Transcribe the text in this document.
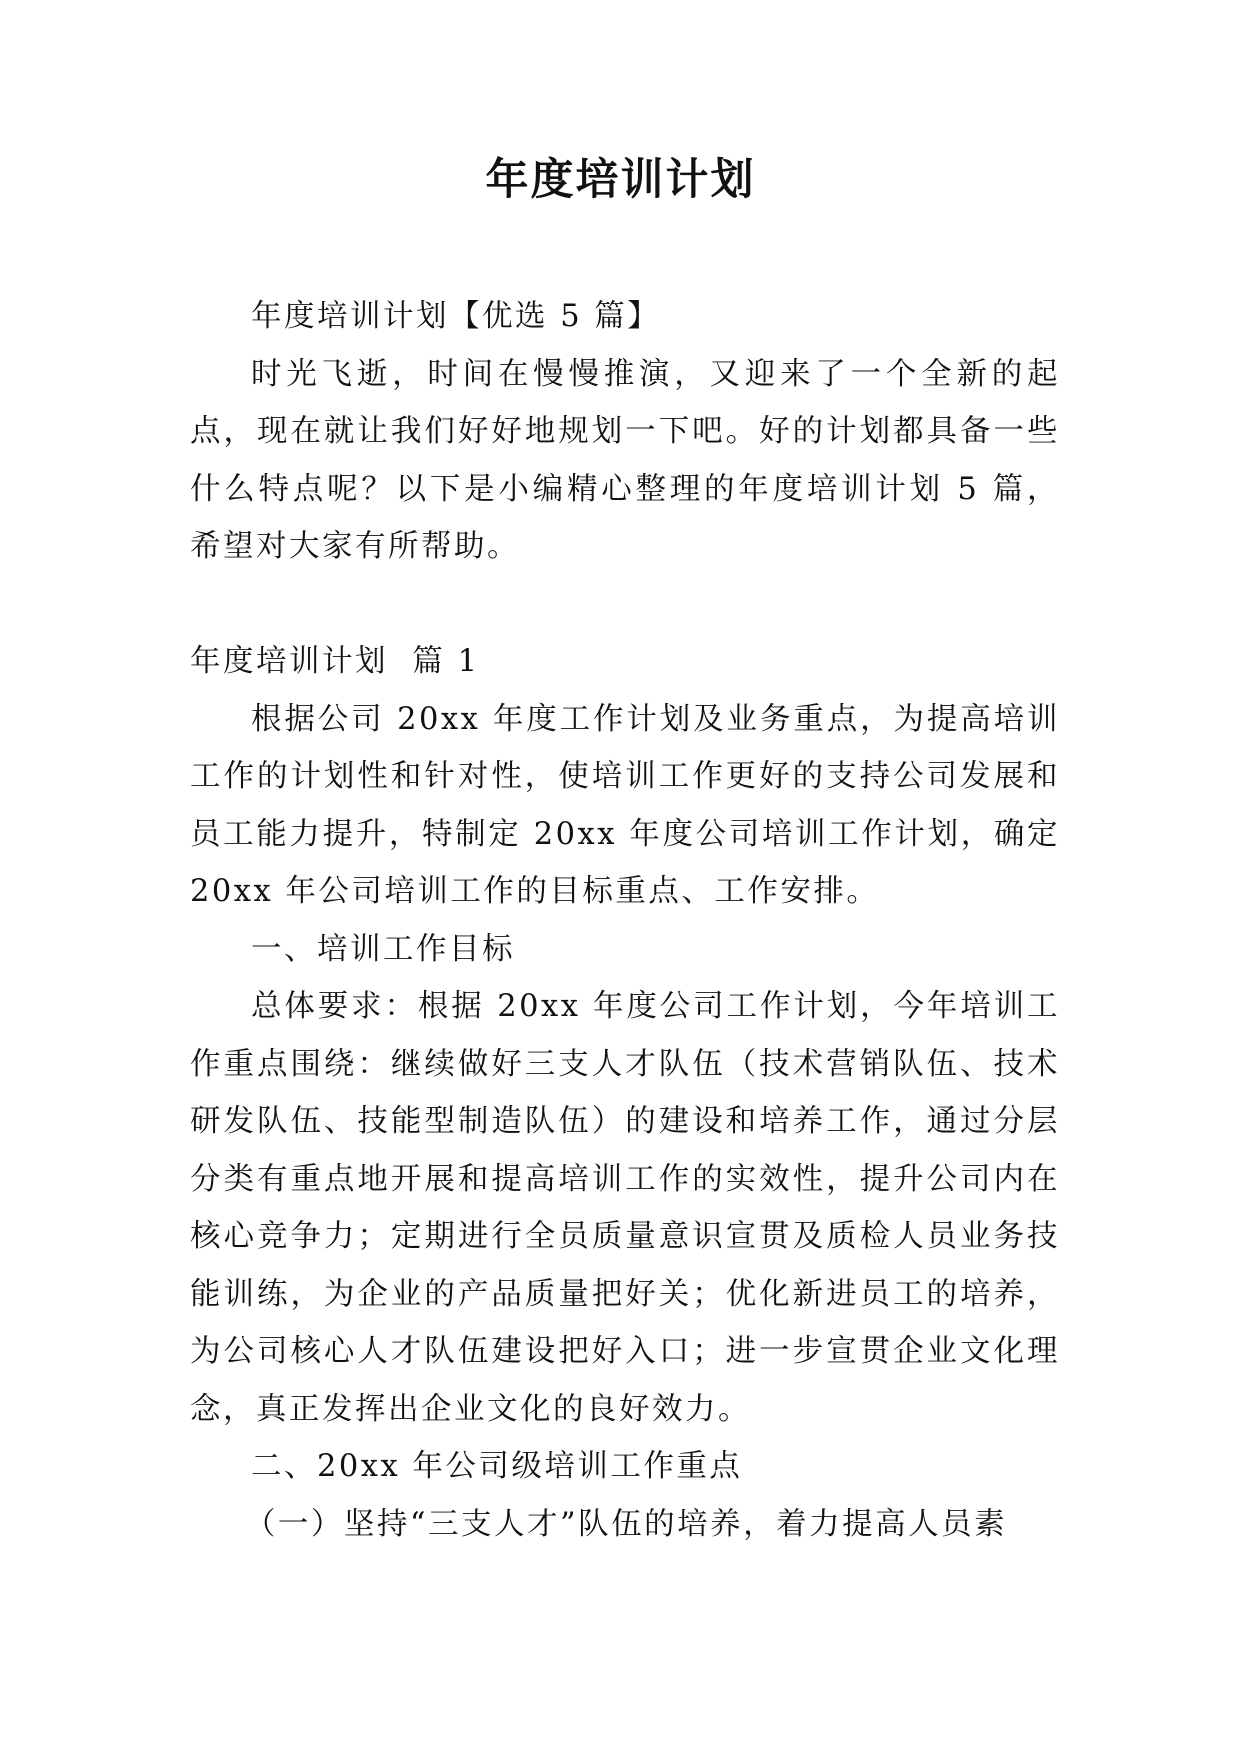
年度培训计划

年度培训计划【优选 5 篇】

时光飞逝，时间在慢慢推演，又迎来了一个全新的起点，现在就让我们好好地规划一下吧。好的计划都具备一些什么特点呢？以下是小编精心整理的年度培训计划 5 篇，希望对大家有所帮助。

年度培训计划  篇 1

根据公司 20xx 年度工作计划及业务重点，为提高培训工作的计划性和针对性，使培训工作更好的支持公司发展和员工能力提升，特制定 20xx 年度公司培训工作计划，确定 20xx 年公司培训工作的目标重点、工作安排。

一、培训工作目标

总体要求：根据 20xx 年度公司工作计划，今年培训工作重点围绕：继续做好三支人才队伍（技术营销队伍、技术研发队伍、技能型制造队伍）的建设和培养工作，通过分层分类有重点地开展和提高培训工作的实效性，提升公司内在核心竞争力；定期进行全员质量意识宣贯及质检人员业务技能训练，为企业的产品质量把好关；优化新进员工的培养，为公司核心人才队伍建设把好入口；进一步宣贯企业文化理念，真正发挥出企业文化的良好效力。

二、20xx 年公司级培训工作重点

（一）坚持“三支人才”队伍的培养，着力提高人员素
